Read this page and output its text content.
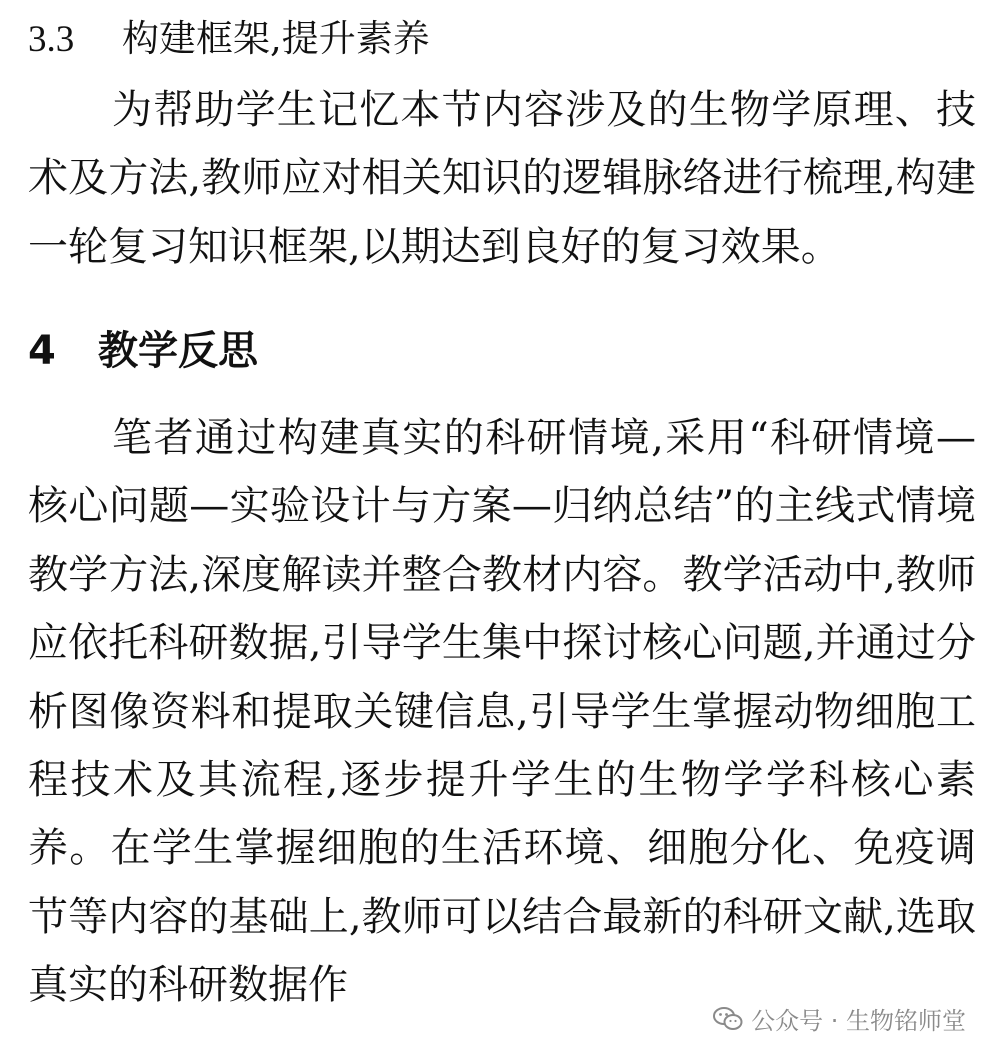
3.3 构建框架,提升素养

为帮助学生记忆本节内容涉及的生物学原理、技术及方法,教师应对相关知识的逻辑脉络进行梳理,构建一轮复习知识框架,以期达到良好的复习效果。

4 教学反思

笔者通过构建真实的科研情境,采用“科研情境—核心问题—实验设计与方案—归纳总结”的主线式情境教学方法,深度解读并整合教材内容。教学活动中,教师应依托科研数据,引导学生集中探讨核心问题,并通过分析图像资料和提取关键信息,引导学生掌握动物细胞工程技术及其流程,逐步提升学生的生物学学科核心素养。在学生掌握细胞的生活环境、细胞分化、免疫调节等内容的基础上,教师可以结合最新的科研文献,选取真实的科研数据作

公众号 · 生物铭师堂
